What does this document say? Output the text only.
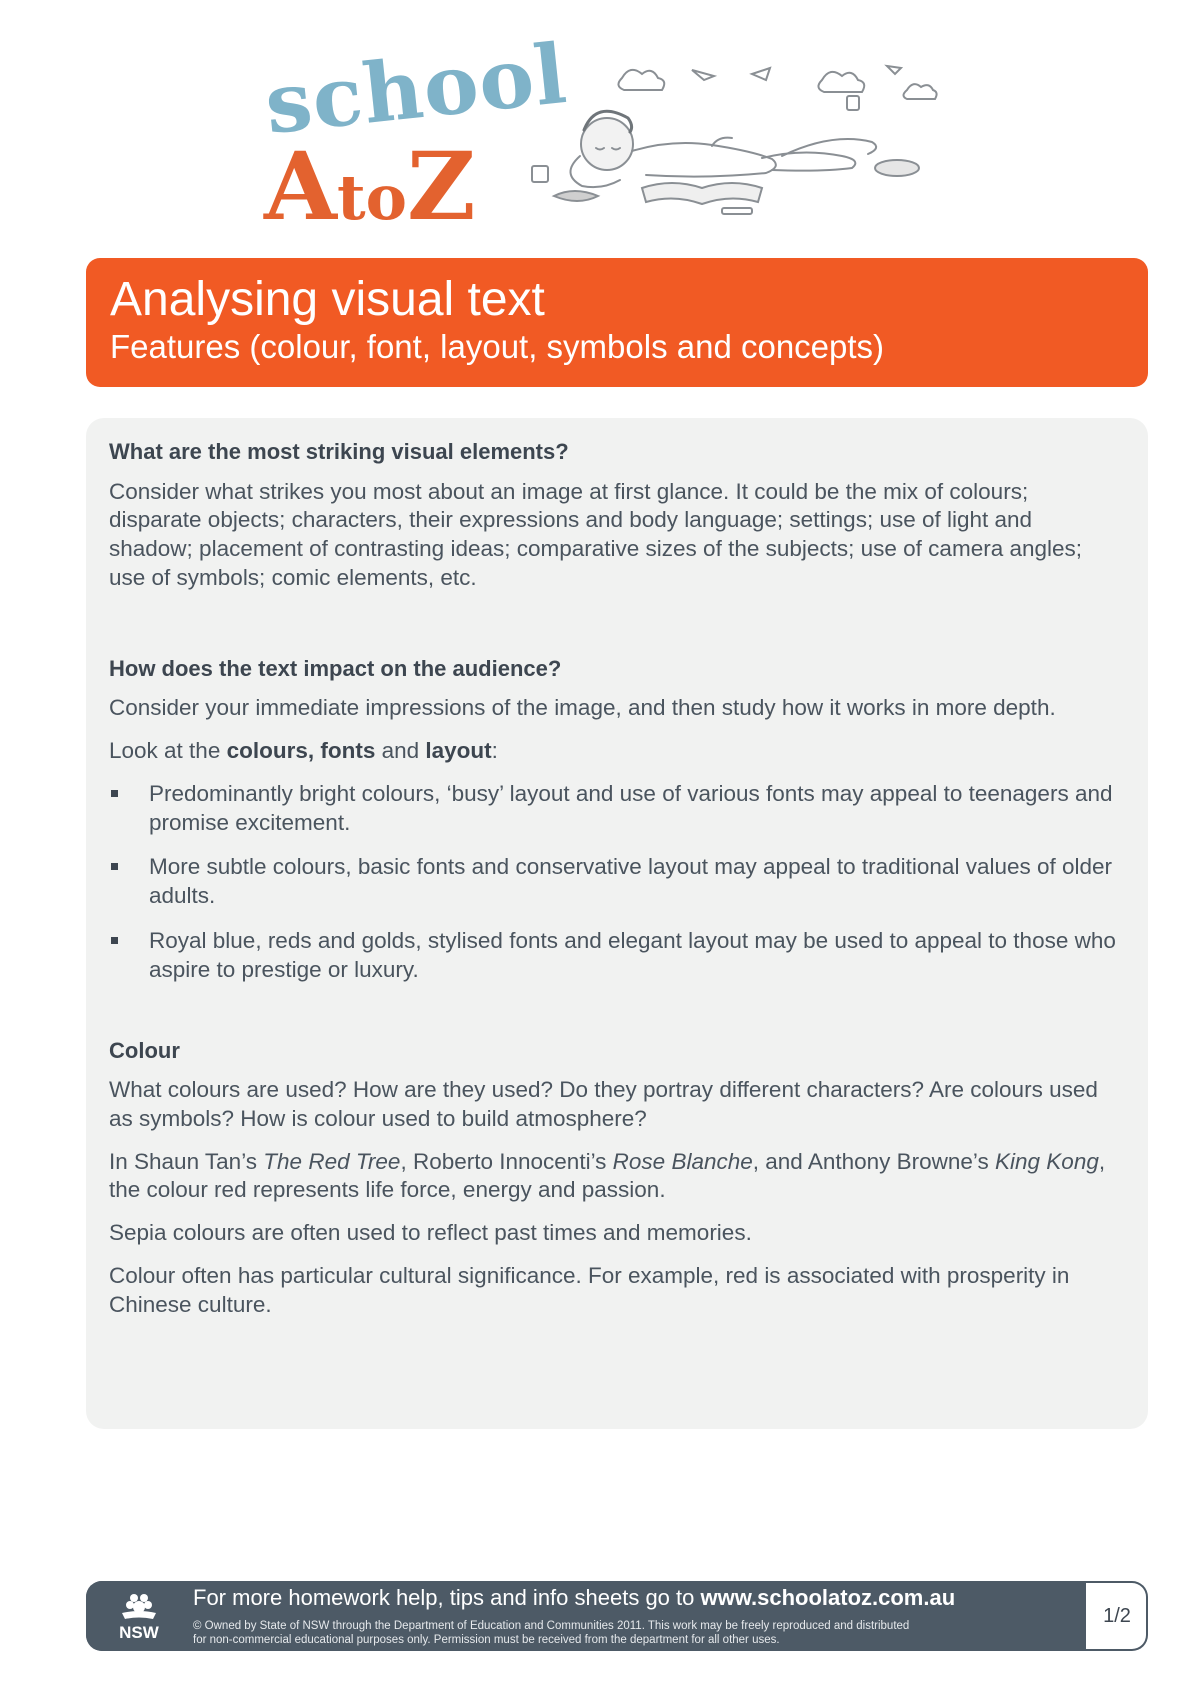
school
AtoZ
Analysing visual text
Features (colour, font, layout, symbols and concepts)
What are the most striking visual elements?

Consider what strikes you most about an image at first glance. It could be the mix of colours; disparate objects; characters, their expressions and body language; settings; use of light and shadow; placement of contrasting ideas; comparative sizes of the subjects; use of camera angles; use of symbols; comic elements, etc.

How does the text impact on the audience?

Consider your immediate impressions of the image, and then study how it works in more depth.

Look at the colours, fonts and layout:

Predominantly bright colours, ‘busy’ layout and use of various fonts may appeal to teenagers and promise excitement.
More subtle colours, basic fonts and conservative layout may appeal to traditional values of older adults.
Royal blue, reds and golds, stylised fonts and elegant layout may be used to appeal to those who aspire to prestige or luxury.
Colour

What colours are used? How are they used? Do they portray different characters? Are colours used as symbols? How is colour used to build atmosphere?

In Shaun Tan’s The Red Tree, Roberto Innocenti’s Rose Blanche, and Anthony Browne’s King Kong, the colour red represents life force, energy and passion.

Sepia colours are often used to reflect past times and memories.

Colour often has particular cultural significance. For example, red is associated with prosperity in Chinese culture.

NSW
For more homework help, tips and info sheets go to www.schoolatoz.com.au
© Owned by State of NSW through the Department of Education and Communities 2011. This work may be freely reproduced and distributed
for non-commercial educational purposes only. Permission must be received from the department for all other uses.
1/2
